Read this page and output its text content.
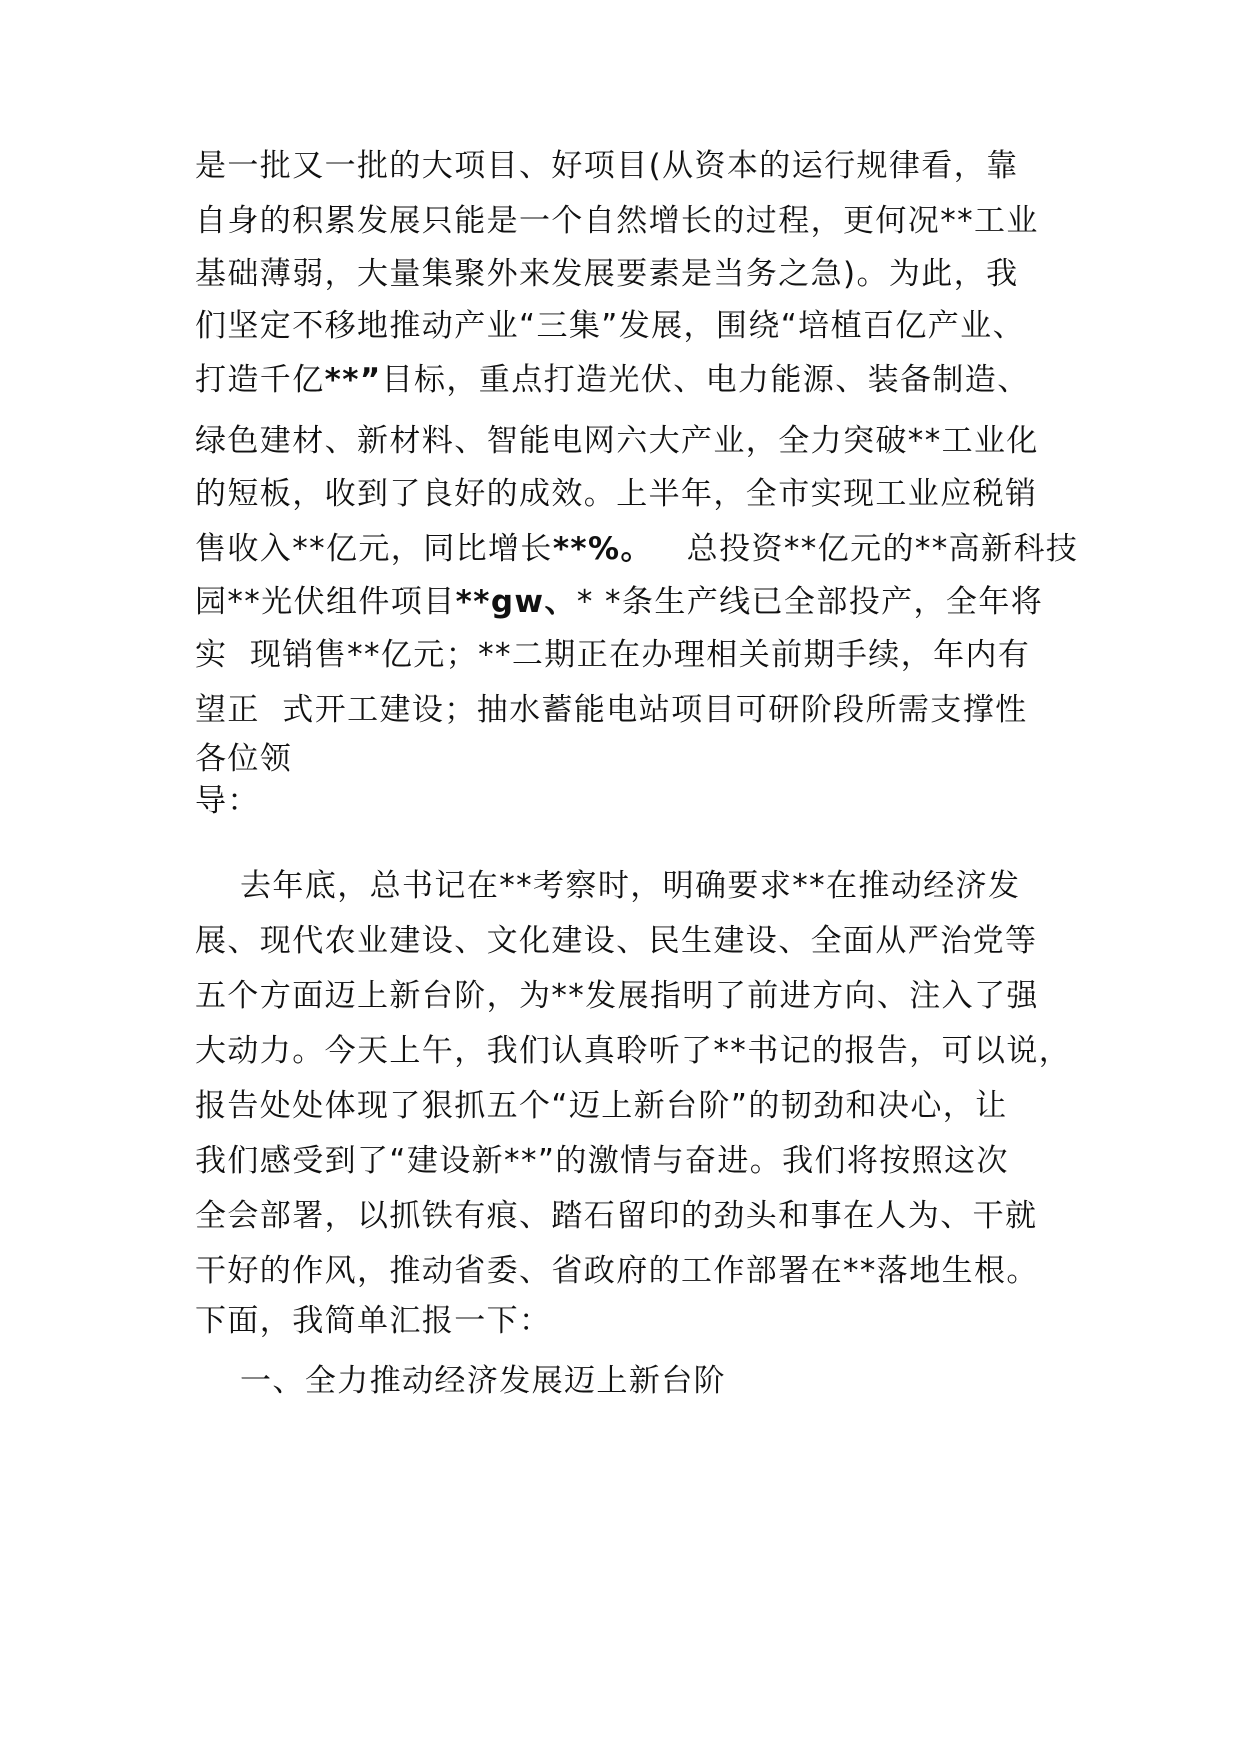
是一批又一批的大项目、好项目(从资本的运行规律看，靠
自身的积累发展只能是一个自然增长的过程，更何况**工业
基础薄弱，大量集聚外来发展要素是当务之急)。为此，我
们坚定不移地推动产业“三集”发展，围绕“培植百亿产业、
打造千亿**”目标，重点打造光伏、电力能源、装备制造、
绿色建材、新材料、智能电网六大产业，全力突破**工业化
的短板，收到了良好的成效。上半年，全市实现工业应税销
售收入**亿元，同比增长**%。   总投资**亿元的**高新科技
园**光伏组件项目**gw、* *条生产线已全部投产，全年将
实  现销售**亿元；**二期正在办理相关前期手续，年内有
望正  式开工建设；抽水蓄能电站项目可研阶段所需支撑性
各位领
导：
去年底，总书记在**考察时，明确要求**在推动经济发
展、现代农业建设、文化建设、民生建设、全面从严治党等
五个方面迈上新台阶，为**发展指明了前进方向、注入了强
大动力。今天上午，我们认真聆听了**书记的报告，可以说，
报告处处体现了狠抓五个“迈上新台阶”的韧劲和决心，让
我们感受到了“建设新**”的激情与奋进。我们将按照这次
全会部署，以抓铁有痕、踏石留印的劲头和事在人为、干就
干好的作风，推动省委、省政府的工作部署在**落地生根。
下面，我简单汇报一下：
一、全力推动经济发展迈上新台阶
